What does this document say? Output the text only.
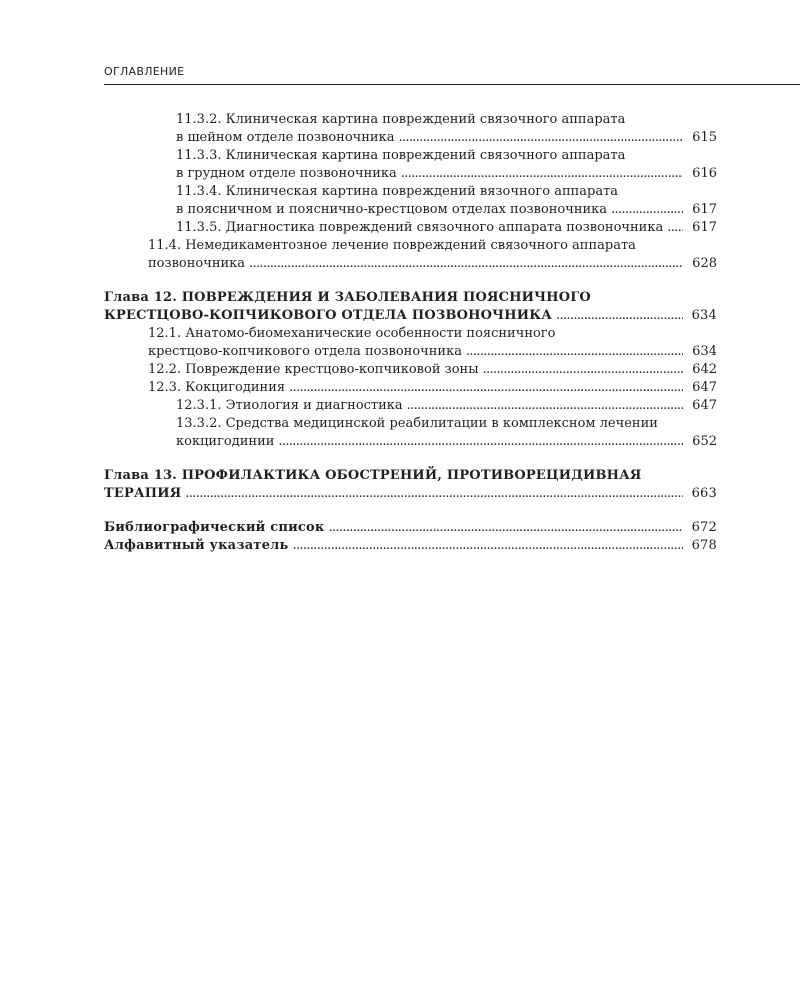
ОГЛАВЛЕНИЕ
11.3.2. Клиническая картина повреждений связочного аппарата
в шейном отделе позвоночника . . .	615
11.3.3. Клиническая картина повреждений связочного аппарата
в грудном отделе позвоночника . . .	616
11.3.4. Клиническая картина повреждений вязочного аппарата
в поясничном и пояснично-крестцовом отделах позвоночника . . .	617
11.3.5. Диагностика повреждений связочного аппарата позвоночника . . .	617
11.4. Немедикаментозное лечение повреждений связочного аппарата
позвоночника . . .	628
Глава 12. ПОВРЕЖДЕНИЯ И ЗАБОЛЕВАНИЯ ПОЯСНИЧНОГО
КРЕСТЦОВО-КОПЧИКОВОГО ОТДЕЛА ПОЗВОНОЧНИКА . . .	634
12.1. Анатомо-биомеханические особенности поясничного
крестцово-копчикового отдела позвоночника . . .	634
12.2. Повреждение крестцово-копчиковой зоны . . .	642
12.3. Кокцигодиния . . .	647
12.3.1. Этиология и диагностика . . .	647
13.3.2. Средства медицинской реабилитации в комплексном лечении
кокцигодинии . . .	652
Глава 13. ПРОФИЛАКТИКА ОБОСТРЕНИЙ, ПРОТИВОРЕЦИДИВНАЯ
ТЕРАПИЯ . . .	663
Библиографический список . . .	672
Алфавитный указатель . . .	678
